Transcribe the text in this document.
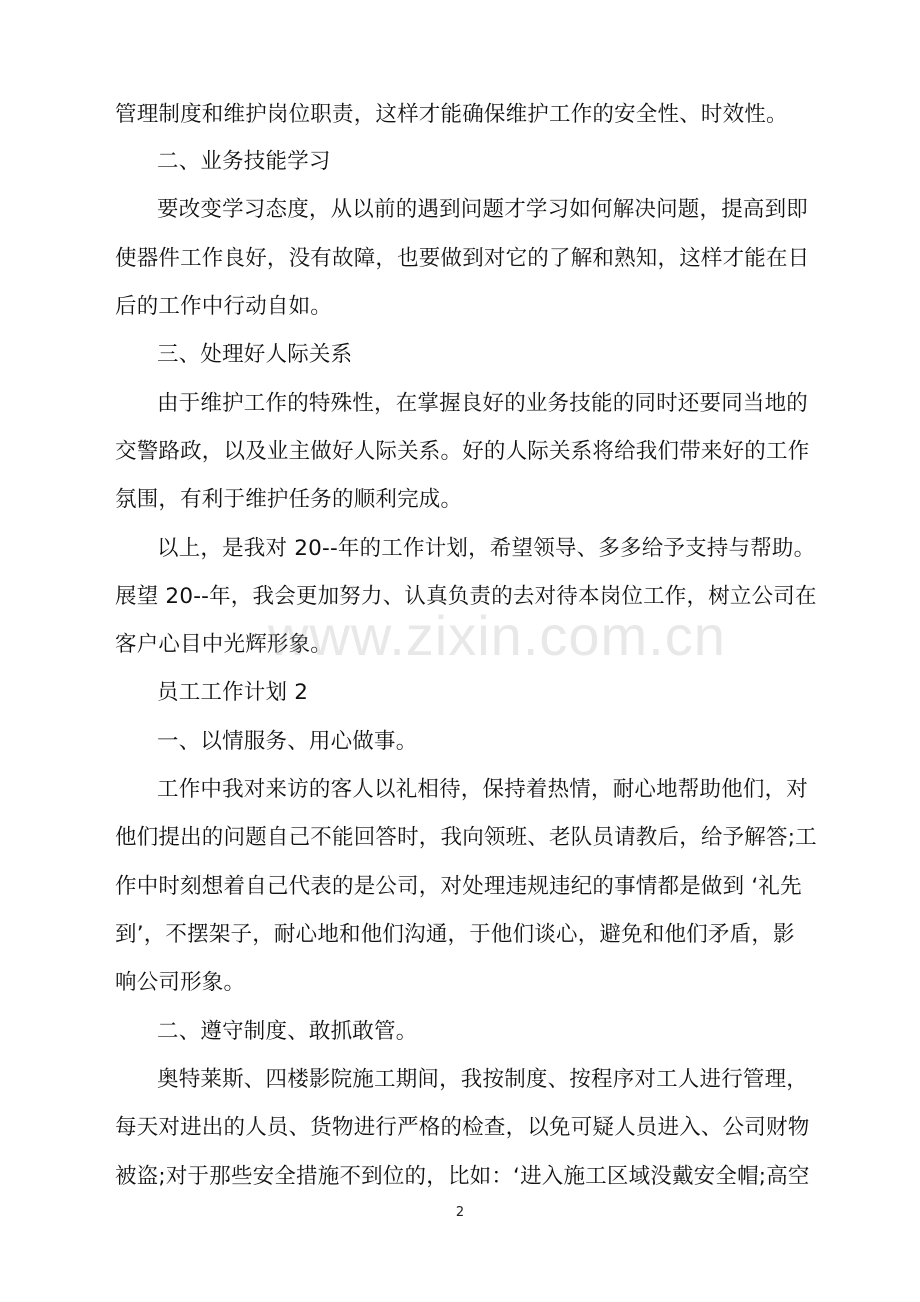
管理制度和维护岗位职责，这样才能确保维护工作的安全性、时效性。
二、业务技能学习
要改变学习态度，从以前的遇到问题才学习如何解决问题，提高到即
使器件工作良好，没有故障，也要做到对它的了解和熟知，这样才能在日
后的工作中行动自如。
三、处理好人际关系
由于维护工作的特殊性，在掌握良好的业务技能的同时还要同当地的
交警路政，以及业主做好人际关系。好的人际关系将给我们带来好的工作
氛围，有利于维护任务的顺利完成。
以上，是我对 20--年的工作计划，希望领导、多多给予支持与帮助。
展望 20--年，我会更加努力、认真负责的去对待本岗位工作，树立公司在
客户心目中光辉形象。
员工工作计划 2
一、以情服务、用心做事。
工作中我对来访的客人以礼相待，保持着热情，耐心地帮助他们，对
他们提出的问题自己不能回答时，我向领班、老队员请教后，给予解答;工
作中时刻想着自己代表的是公司，对处理违规违纪的事情都是做到 ‘礼先
到’，不摆架子，耐心地和他们沟通，于他们谈心，避免和他们矛盾，影
响公司形象。
二、遵守制度、敢抓敢管。
奥特莱斯、四楼影院施工期间，我按制度、按程序对工人进行管理，
每天对进出的人员、货物进行严格的检查，以免可疑人员进入、公司财物
被盗;对于那些安全措施不到位的，比如：‘进入施工区域没戴安全帽;高空
www.zixin.com.cn
2
